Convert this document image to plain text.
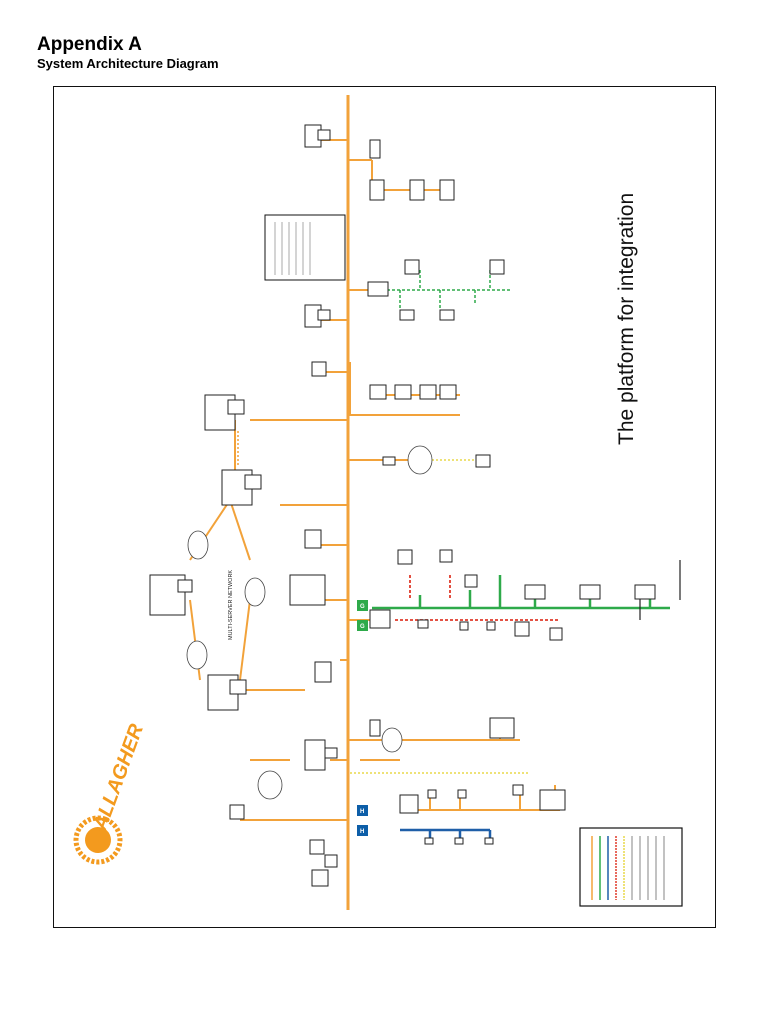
Appendix A
System Architecture Diagram
H
H
G
G
The platform for integration
MULTI-SERVER NETWORK
GALLAGHER
